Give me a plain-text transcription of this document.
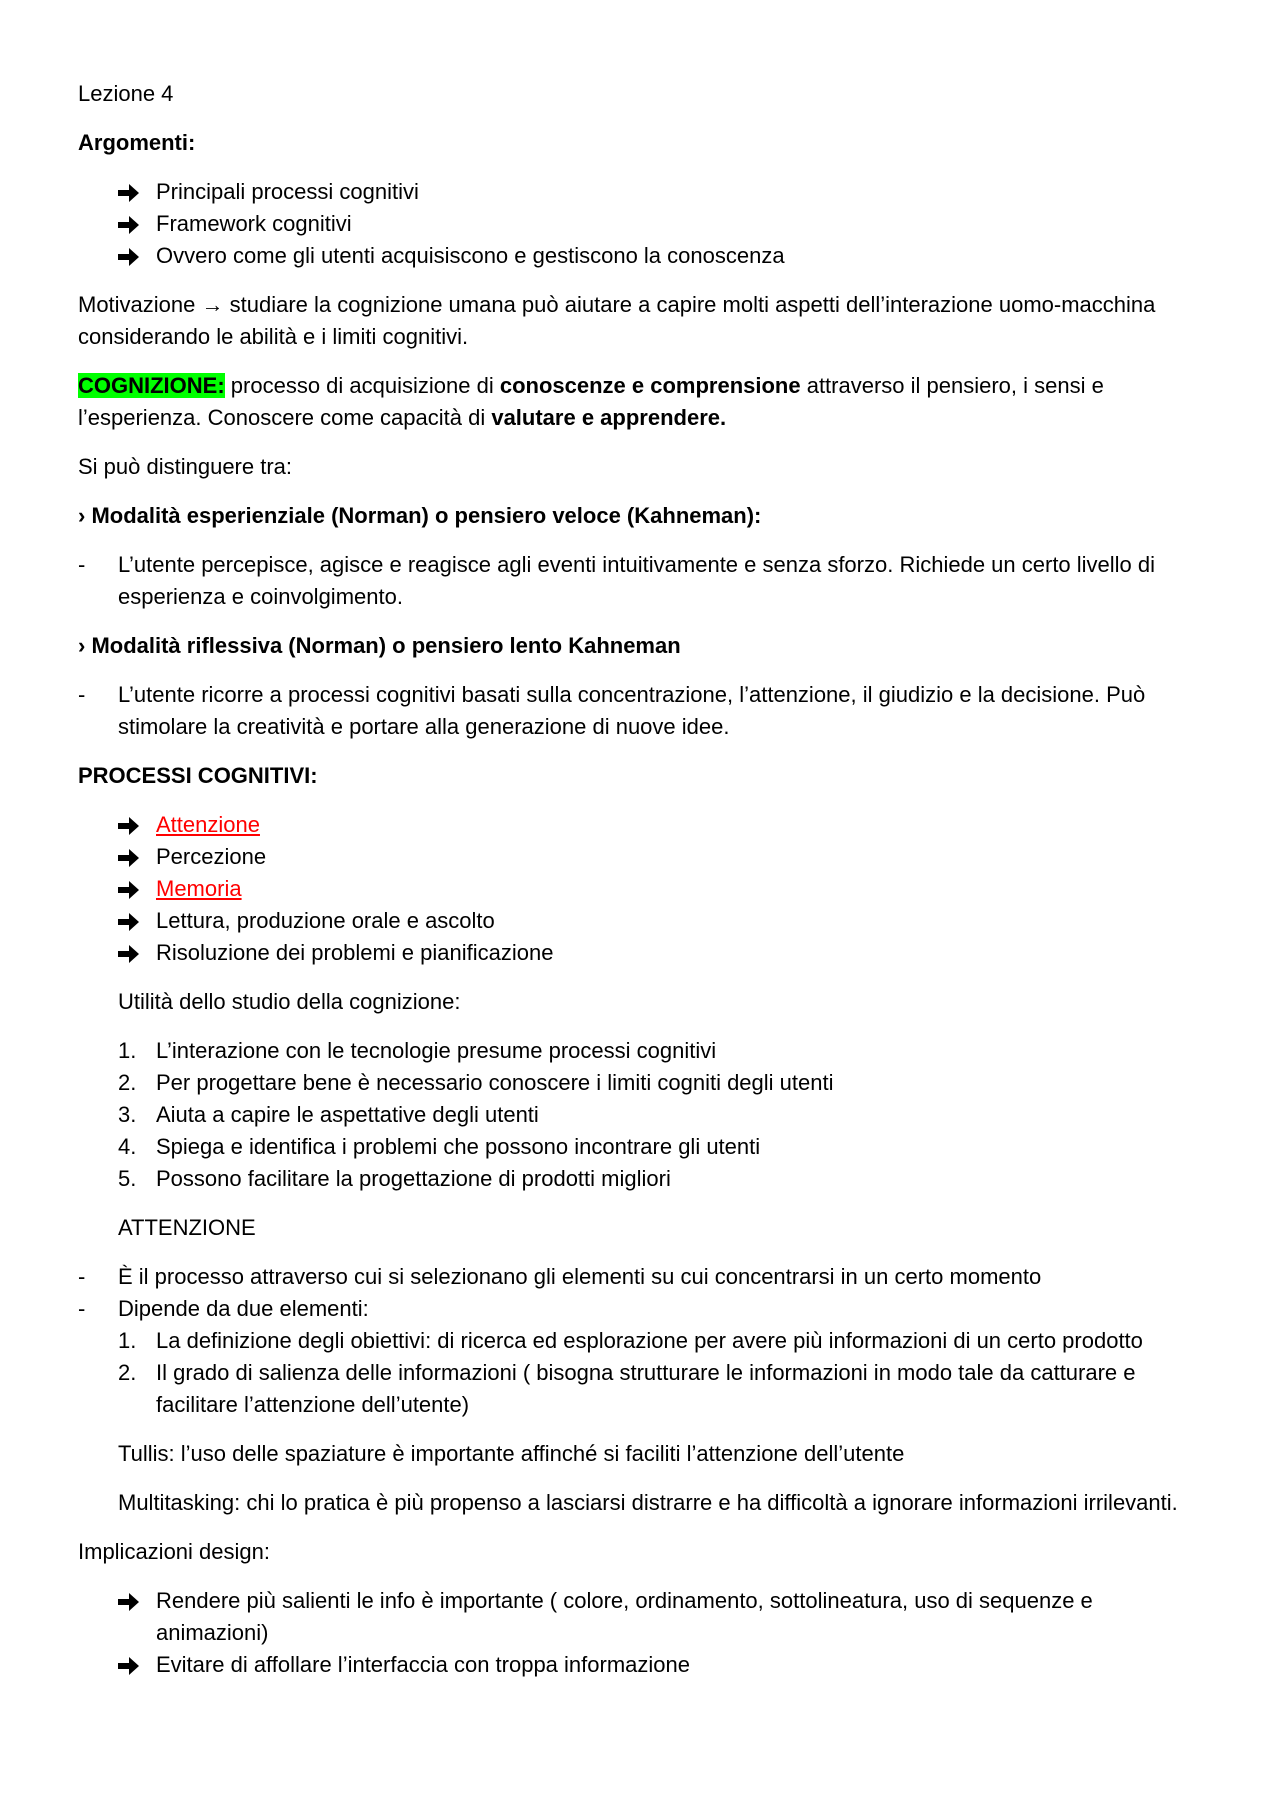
Lezione 4

Argomenti:

Principali processi cognitivi
Framework cognitivi
Ovvero come gli utenti acquisiscono e gestiscono la conoscenza

Motivazione → studiare la cognizione umana può aiutare a capire molti aspetti dell’interazione uomo-macchina considerando le abilità e i limiti cognitivi.

COGNIZIONE: processo di acquisizione di conoscenze e comprensione attraverso il pensiero, i sensi e l’esperienza. Conoscere come capacità di valutare e apprendere.

Si può distinguere tra:

› Modalità esperienziale (Norman) o pensiero veloce (Kahneman):

- L’utente percepisce, agisce e reagisce agli eventi intuitivamente e senza sforzo. Richiede un certo livello di esperienza e coinvolgimento.

› Modalità riflessiva (Norman) o pensiero lento Kahneman

- L’utente ricorre a processi cognitivi basati sulla concentrazione, l’attenzione, il giudizio e la decisione. Può stimolare la creatività e portare alla generazione di nuove idee.

PROCESSI COGNITIVI:

Attenzione
Percezione
Memoria
Lettura, produzione orale e ascolto
Risoluzione dei problemi e pianificazione

Utilità dello studio della cognizione:

1. L’interazione con le tecnologie presume processi cognitivi
2. Per progettare bene è necessario conoscere i limiti cogniti degli utenti
3. Aiuta a capire le aspettative degli utenti
4. Spiega e identifica i problemi che possono incontrare gli utenti
5. Possono facilitare la progettazione di prodotti migliori

ATTENZIONE

- È il processo attraverso cui si selezionano gli elementi su cui concentrarsi in un certo momento
- Dipende da due elementi:
1. La definizione degli obiettivi: di ricerca ed esplorazione per avere più informazioni di un certo prodotto
2. Il grado di salienza delle informazioni ( bisogna strutturare le informazioni in modo tale da catturare e facilitare l’attenzione dell’utente)

Tullis: l’uso delle spaziature è importante affinché si faciliti l’attenzione dell’utente

Multitasking: chi lo pratica è più propenso a lasciarsi distrarre e ha difficoltà a ignorare informazioni irrilevanti.

Implicazioni design:

Rendere più salienti le info è importante ( colore, ordinamento, sottolineatura, uso di sequenze e animazioni)
Evitare di affollare l’interfaccia con troppa informazione
